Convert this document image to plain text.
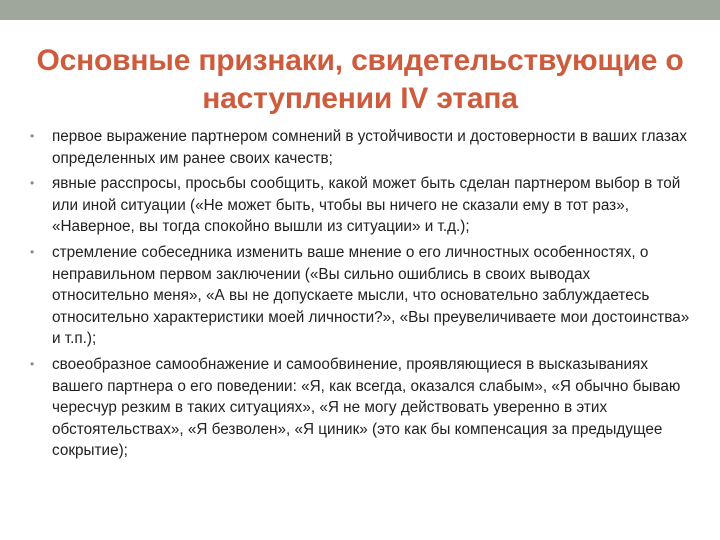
Основные признаки, свидетельствующие о наступлении IV этапа
• первое выражение партнером сомнений в устойчивости и достоверности в ваших глазах определенных им ранее своих качеств;
• явные расспросы, просьбы сообщить, какой может быть сделан партнером выбор в той или иной ситуации («Не может быть, чтобы вы ничего не сказали ему в тот раз», «Наверное, вы тогда спокойно вышли из ситуации» и т.д.);
• стремление собеседника изменить ваше мнение о его личностных особенностях, о неправильном первом заключении («Вы сильно ошиблись в своих выводах относительно меня», «А вы не допускаете мысли, что основательно заблуждаетесь относительно характеристики моей личности?», «Вы преувеличиваете мои достоинства» и т.п.);
• своеобразное самообнажение и самообвинение, проявляющиеся в высказываниях вашего партнера о его поведении: «Я, как всегда, оказался слабым», «Я обычно бываю чересчур резким в таких ситуациях», «Я не могу действовать уверенно в этих обстоятельствах», «Я безволен», «Я циник» (это как бы компенсация за предыдущее сокрытие);
